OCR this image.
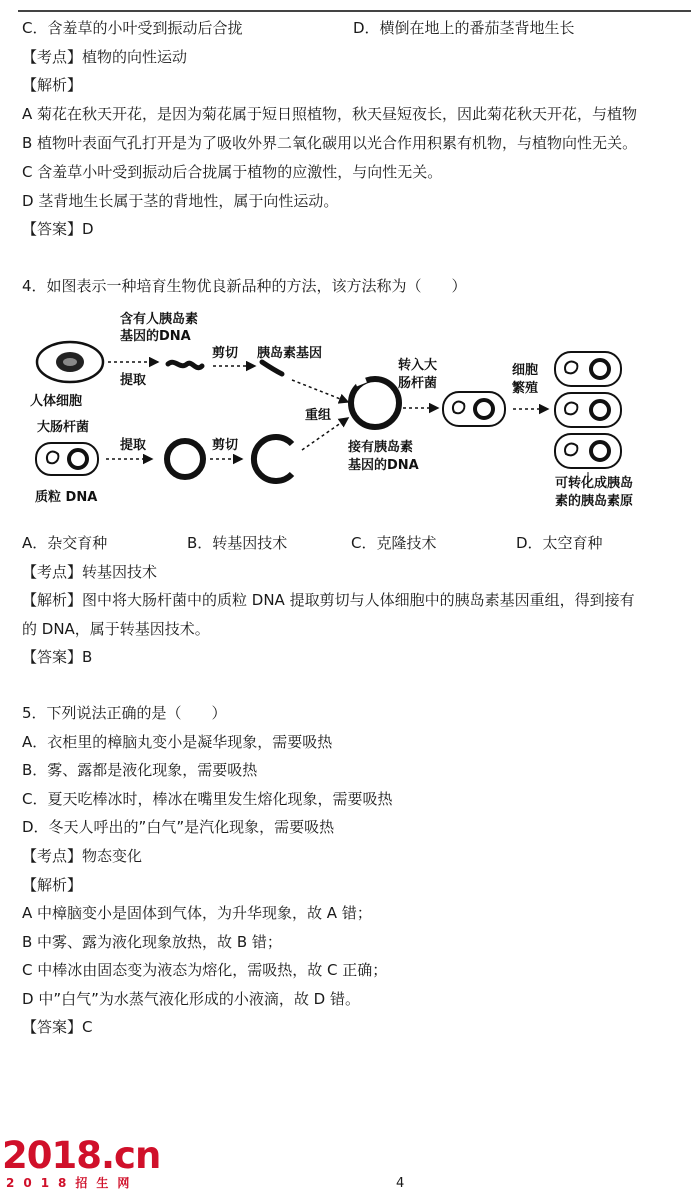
C．含羞草的小叶受到振动后合拢	D．横倒在地上的番茄茎背地生长
【考点】植物的向性运动
【解析】
A 菊花在秋天开花，是因为菊花属于短日照植物，秋天昼短夜长，因此菊花秋天开花，与植物
B 植物叶表面气孔打开是为了吸收外界二氧化碳用以光合作用积累有机物，与植物向性无关。
C 含羞草小叶受到振动后合拢属于植物的应激性，与向性无关。
D 茎背地生长属于茎的背地性，属于向性运动。
【答案】D
4．如图表示一种培育生物优良新品种的方法，该方法称为（　　）
含有人胰岛素
基因的DNA
剪切 胰岛素基因
提取
人体细胞
转入大
肠杆菌
细胞
繁殖
重组
大肠杆菌
提取	剪切	接有胰岛素
基因的DNA
质粒 DNA
可转化成胰岛
素的胰岛素原
A．杂交育种	B．转基因技术	C．克隆技术	D．太空育种
【考点】转基因技术
【解析】图中将大肠杆菌中的质粒 DNA 提取剪切与人体细胞中的胰岛素基因重组，得到接有
的 DNA，属于转基因技术。
【答案】B
5．下列说法正确的是（　　）
A．衣柜里的樟脑丸变小是凝华现象，需要吸热
B．雾、露都是液化现象，需要吸热
C．夏天吃棒冰时，棒冰在嘴里发生熔化现象，需要吸热
D．冬天人呼出的”白气”是汽化现象，需要吸热
【考点】物态变化
【解析】
A 中樟脑变小是固体到气体，为升华现象，故 A 错；
B 中雾、露为液化现象放热，故 B 错；
C 中棒冰由固态变为液态为熔化，需吸热，故 C 正确；
D 中”白气”为水蒸气液化形成的小液滴，故 D 错。
【答案】C
2018.cn
2018招生网	4
